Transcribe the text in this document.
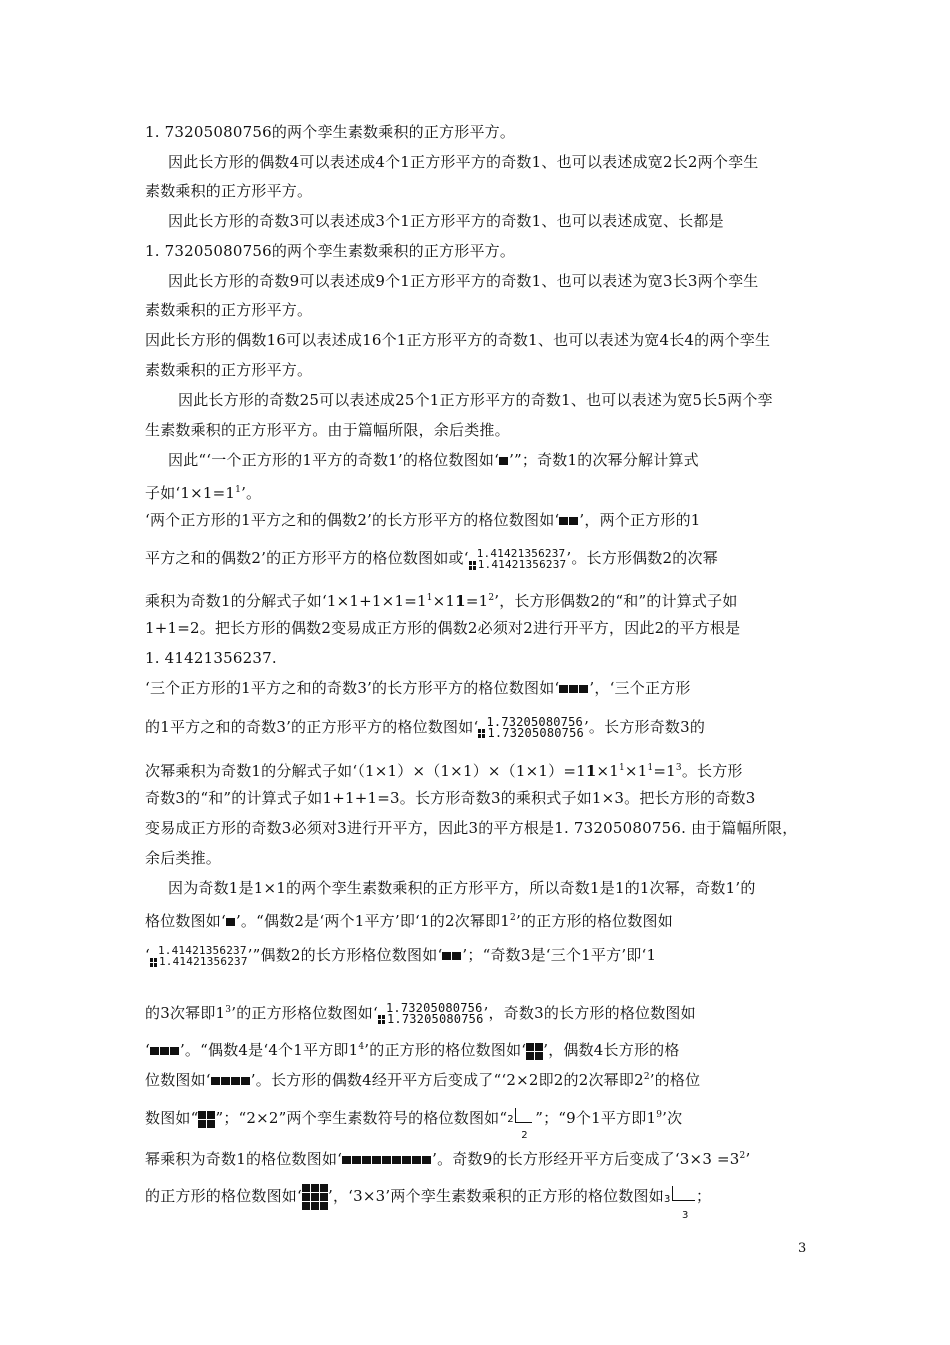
1. 73205080756的两个孪生素数乘积的正方形平方。
因此长方形的偶数4可以表述成4个1正方形平方的奇数1、也可以表述成宽2长2两个孪生
素数乘积的正方形平方。
因此长方形的奇数3可以表述成3个1正方形平方的奇数1、也可以表述成宽、长都是
1. 73205080756的两个孪生素数乘积的正方形平方。
因此长方形的奇数9可以表述成9个1正方形平方的奇数1、也可以表述为宽3长3两个孪生
素数乘积的正方形平方。
因此长方形的偶数16可以表述成16个1正方形平方的奇数1、也可以表述为宽4长4的两个孪生
素数乘积的正方形平方。
因此长方形的奇数25可以表述成25个1正方形平方的奇数1、也可以表述为宽5长5两个孪
生素数乘积的正方形平方。由于篇幅所限，余后类推。
因此“‘一个正方形的1平方的奇数1’的格位数图如‘ ’”；奇数1的次幂分解计算式
子如‘$1\times 1=1^1$’。
‘两个正方形的1平方之和的偶数2’的长方形平方的格位数图如‘ ’，两个正方形的1
平方之和的偶数2’的正方形平方的格位数图如或‘ 1.41421356237
1.41421356237 ’。长方形偶数2的次幂
乘积为奇数1的分解式子如‘$1\times 1+1\times 1=1^1\times 11=1^2$’，长方形偶数2的“和”的计算式子如
1+1=2。把长方形的偶数2变易成正方形的偶数2必须对2进行开平方，因此2的平方根是
1. 41421356237.
‘三个正方形的1平方之和的奇数3’的长方形平方的格位数图如‘ ’，‘三个正方形
的1平方之和的奇数3’的正方形平方的格位数图如‘ 1.73205080756
1.73205080756 ’。长方形奇数3的
次幂乘积为奇数1的分解式子如‘$(1\times 1)\times(1\times 1)\times(1\times 1)=11\times 1^1\times 1^1=1^3$。长方形
奇数3的“和”的计算式子如1+1+1=3。长方形奇数3的乘积式子如1×3。把长方形的奇数3
变易成正方形的奇数3必须对3进行开平方，因此3的平方根是1. 73205080756. 由于篇幅所限，
余后类推。
因为奇数1是1×1的两个孪生素数乘积的正方形平方，所以奇数1是1的1次幂，奇数1’的
格位数图如‘ ’。“偶数2是‘两个1平方’即‘1的2次幂即$1^2$’的正方形的格位数图如
‘ 1.41421356237
1.41421356237 ’”偶数2的长方形格位数图如‘ ’；“奇数3是‘三个1平方’即‘1
的3次幂即$1^3$’的正方形格位数图如‘ 1.73205080756
1.73205080756 ’，奇数3的长方形的格位数图如
‘ ’。“偶数4是‘4个1平方即$1^4$’的正方形的格位数图如‘ ’，偶数4长方形的格
位数图如‘	’。长方形的偶数4经开平方后变成了“‘2×2即2的2次幂即$2^2$’的格位
数图如“ ”；“2×2”两个孪生素数符号的格位数图如“ 2
2
”；“9个1平方即$1^9$’次
幂乘积为奇数1的格位数图如‘	’。奇数9的长方形经开平方后变成了‘$3\times 3 =3^2$’
的正方形的格位数图如‘ ’，‘3×3’两个孪生素数乘积的正方形的格位数图如 3
3
；
3
